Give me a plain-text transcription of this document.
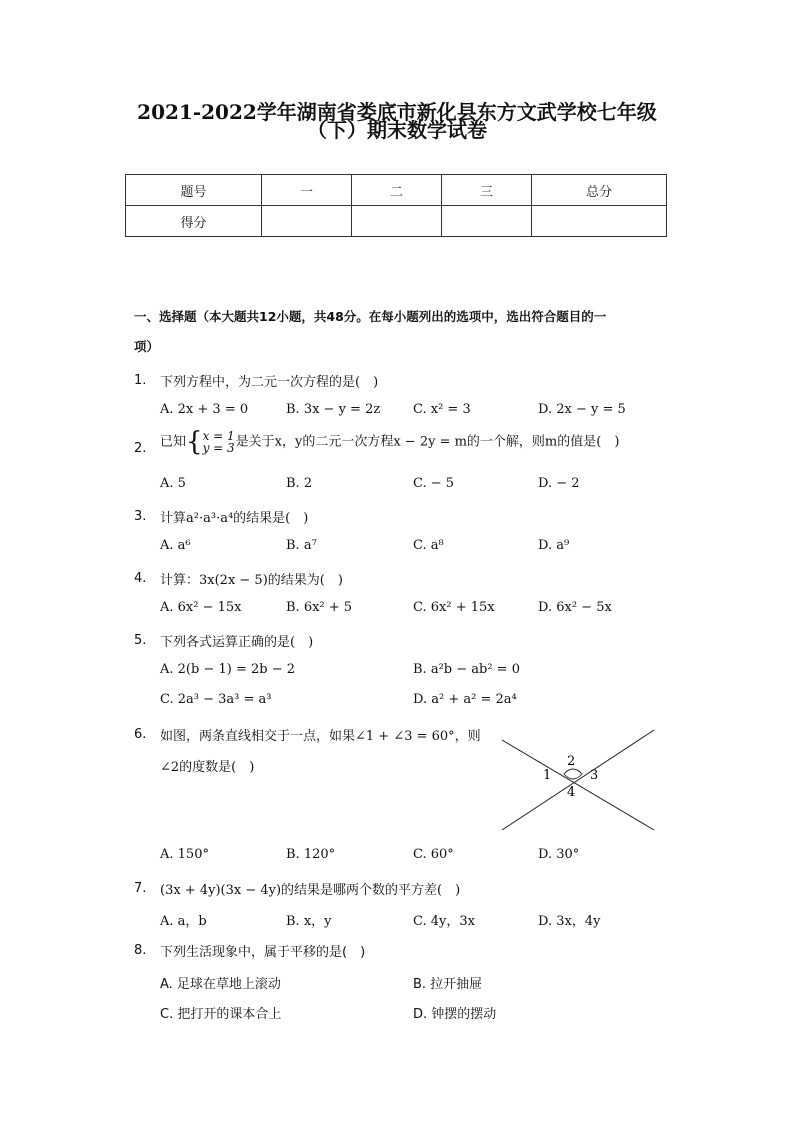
2021-2022学年湖南省娄底市新化县东方文武学校七年级
（下）期末数学试卷
题号	一	二	三	总分
得分				
一、选择题（本大题共12小题，共48分。在每小题列出的选项中，选出符合题目的一
项）
1. 下列方程中，为二元一次方程的是(　)
A. 2x + 3 = 0	B. 3x − y = 2z	C. x² = 3	D. 2x − y = 5
2. 已知{ x = 1
y = 3 是关于x，y的二元一次方程x − 2y = m的一个解，则m的值是(　)
A. 5	B. 2	C. − 5	D. − 2
3. 计算a²·a³·a⁴的结果是(　)
A. a⁶	B. a⁷	C. a⁸	D. a⁹
4. 计算：3x(2x − 5)的结果为(　)
A. 6x² − 15x	B. 6x² + 5	C. 6x² + 15x	D. 6x² − 5x
5. 下列各式运算正确的是(　)
A. 2(b − 1) = 2b − 2	B. a²b − ab² = 0
C. 2a³ − 3a³ = a³	D. a² + a² = 2a⁴
6. 如图，两条直线相交于一点，如果∠1 + ∠3 = 60°，则
∠2的度数是(　)
1
2
3
4
A. 150°	B. 120°	C. 60°	D. 30°
7. (3x + 4y)(3x − 4y)的结果是哪两个数的平方差(　)
A. a，b	B. x，y	C. 4y，3x	D. 3x，4y
8. 下列生活现象中，属于平移的是(　)
A. 足球在草地上滚动	B. 拉开抽屉
C. 把打开的课本合上	D. 钟摆的摆动
